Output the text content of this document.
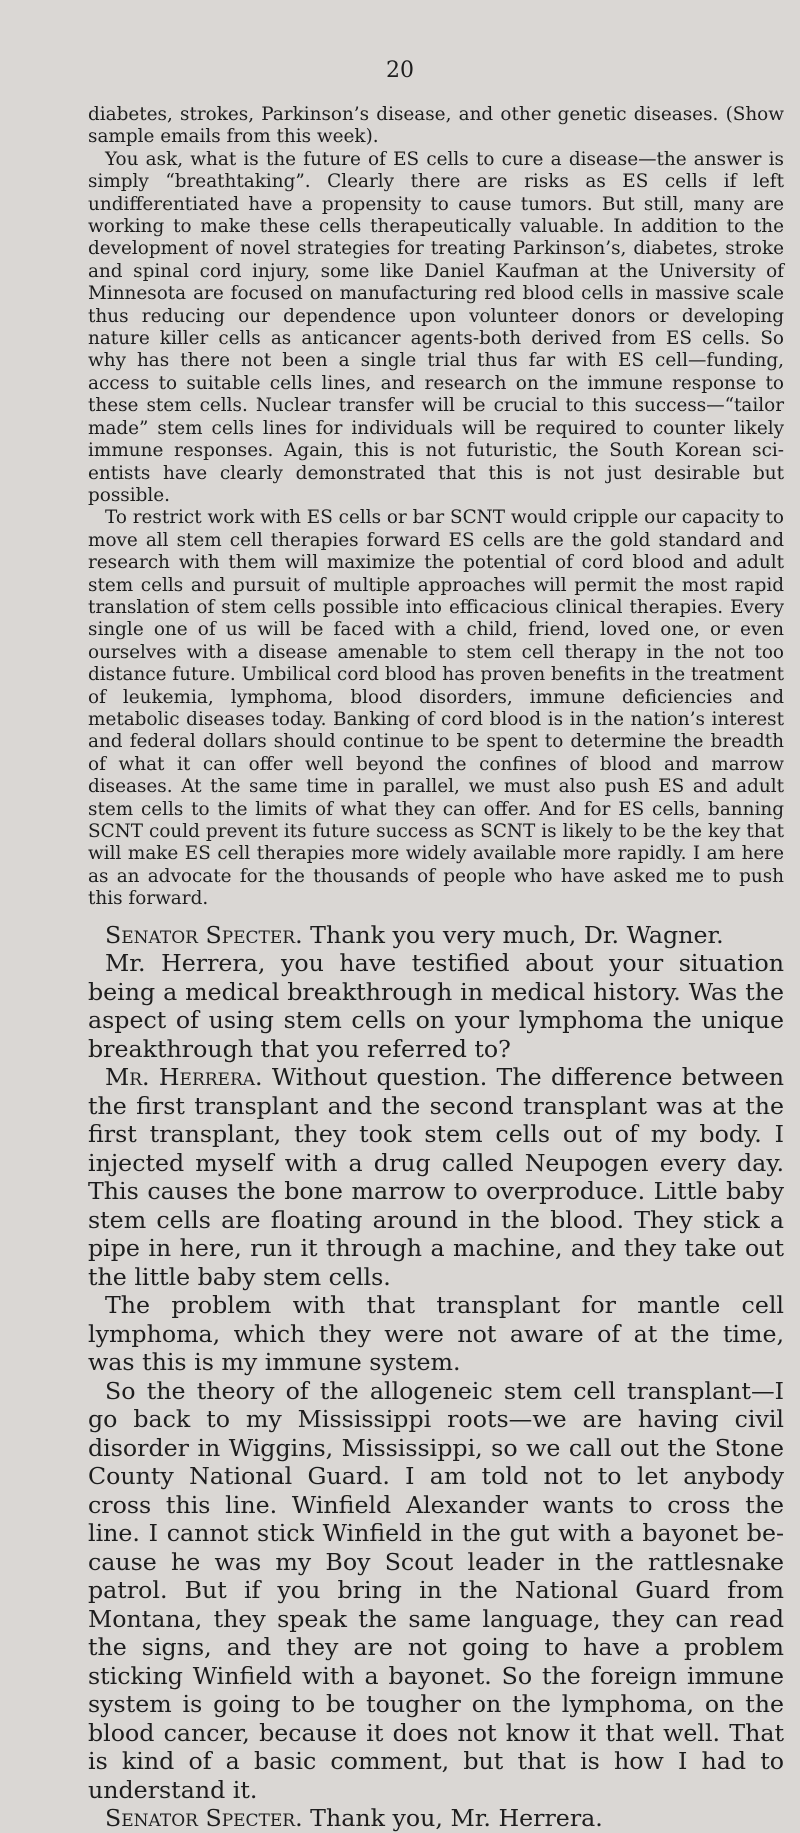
20

diabetes, strokes, Parkinson’s disease, and other genetic diseases. (Show sample emails from this week).

You ask, what is the future of ES cells to cure a disease—the answer is simply “breathtaking”. Clearly there are risks as ES cells if left undifferentiated have a propensity to cause tumors. But still, many are working to make these cells therapeutically valuable. In addition to the development of novel strategies for treating Parkinson’s, diabetes, stroke and spinal cord injury, some like Daniel Kaufman at the University of Minnesota are focused on manufacturing red blood cells in massive scale thus reducing our dependence upon volunteer donors or developing nature killer cells as anticancer agents-both derived from ES cells. So why has there not been a single trial thus far with ES cell—funding, access to suitable cells lines, and research on the immune response to these stem cells. Nuclear transfer will be crucial to this success—“tailor made” stem cells lines for individuals will be required to counter likely immune responses. Again, this is not futuristic, the South Korean scientists have clearly demonstrated that this is not just desirable but possible.

To restrict work with ES cells or bar SCNT would cripple our capacity to move all stem cell therapies forward ES cells are the gold standard and research with them will maximize the potential of cord blood and adult stem cells and pursuit of multiple approaches will permit the most rapid translation of stem cells possible into efficacious clinical therapies. Every single one of us will be faced with a child, friend, loved one, or even ourselves with a disease amenable to stem cell therapy in the not too distance future. Umbilical cord blood has proven benefits in the treatment of leukemia, lymphoma, blood disorders, immune deficiencies and metabolic diseases today. Banking of cord blood is in the nation’s interest and federal dollars should continue to be spent to determine the breadth of what it can offer well beyond the confines of blood and marrow diseases. At the same time in parallel, we must also push ES and adult stem cells to the limits of what they can offer. And for ES cells, banning SCNT could prevent its future success as SCNT is likely to be the key that will make ES cell therapies more widely available more rapidly. I am here as an advocate for the thousands of people who have asked me to push this forward.

Senator Specter. Thank you very much, Dr. Wagner.

Mr. Herrera, you have testified about your situation being a medical breakthrough in medical history. Was the aspect of using stem cells on your lymphoma the unique breakthrough that you referred to?

Mr. Herrera. Without question. The difference between the first transplant and the second transplant was at the first transplant, they took stem cells out of my body. I injected myself with a drug called Neupogen every day. This causes the bone marrow to overproduce. Little baby stem cells are floating around in the blood. They stick a pipe in here, run it through a machine, and they take out the little baby stem cells.

The problem with that transplant for mantle cell lymphoma, which they were not aware of at the time, was this is my immune system.

So the theory of the allogeneic stem cell transplant—I go back to my Mississippi roots—we are having civil disorder in Wiggins, Mississippi, so we call out the Stone County National Guard. I am told not to let anybody cross this line. Winfield Alexander wants to cross the line. I cannot stick Winfield in the gut with a bayonet because he was my Boy Scout leader in the rattlesnake patrol. But if you bring in the National Guard from Montana, they speak the same language, they can read the signs, and they are not going to have a problem sticking Winfield with a bayonet. So the foreign immune system is going to be tougher on the lymphoma, on the blood cancer, because it does not know it that well. That is kind of a basic comment, but that is how I had to understand it.

Senator Specter. Thank you, Mr. Herrera.
